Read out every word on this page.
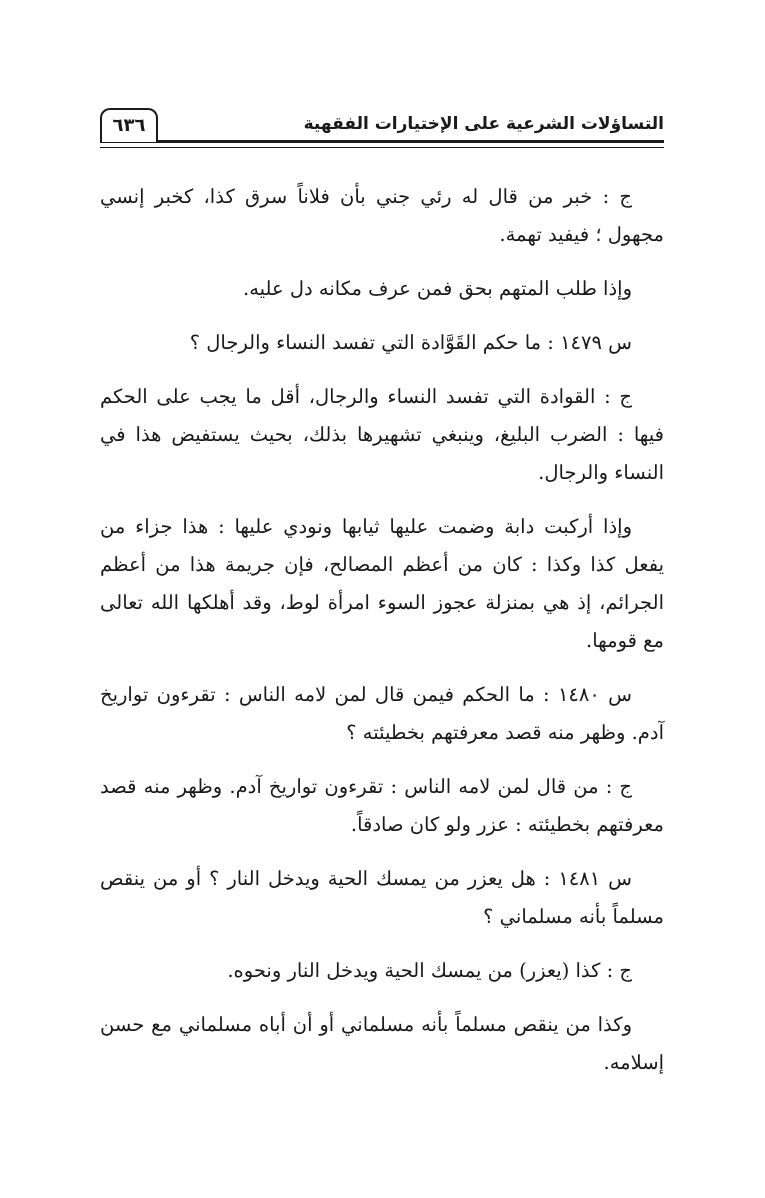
٦٣٦	التساؤلات الشرعية على الإختيارات الفقهية

ج : خبر من قال له رئي جني بأن فلاناً سرق كذا، كخبر إنسي مجهول ؛ فيفيد تهمة.

وإذا طلب المتهم بحق فمن عرف مكانه دل عليه.

س ١٤٧٩ : ما حكم القَوَّادة التي تفسد النساء والرجال ؟

ج : القوادة التي تفسد النساء والرجال، أقل ما يجب على الحكم فيها : الضرب البليغ، وينبغي تشهيرها بذلك، بحيث يستفيض هذا في النساء والرجال.

وإذا أركبت دابة وضمت عليها ثيابها ونودي عليها : هذا جزاء من يفعل كذا وكذا : كان من أعظم المصالح، فإن جريمة هذا من أعظم الجرائم، إذ هي بمنزلة عجوز السوء امرأة لوط، وقد أهلكها الله تعالى مع قومها.

س ١٤٨٠ : ما الحكم فيمن قال لمن لامه الناس : تقرءون تواريخ آدم. وظهر منه قصد معرفتهم بخطيئته ؟

ج : من قال لمن لامه الناس : تقرءون تواريخ آدم. وظهر منه قصد معرفتهم بخطيئته : عزر ولو كان صادقاً.

س ١٤٨١ : هل يعزر من يمسك الحية ويدخل النار ؟ أو من ينقص مسلماً بأنه مسلماني ؟

ج : كذا (يعزر) من يمسك الحية ويدخل النار ونحوه.

وكذا من ينقص مسلماً بأنه مسلماني أو أن أباه مسلماني مع حسن إسلامه.
